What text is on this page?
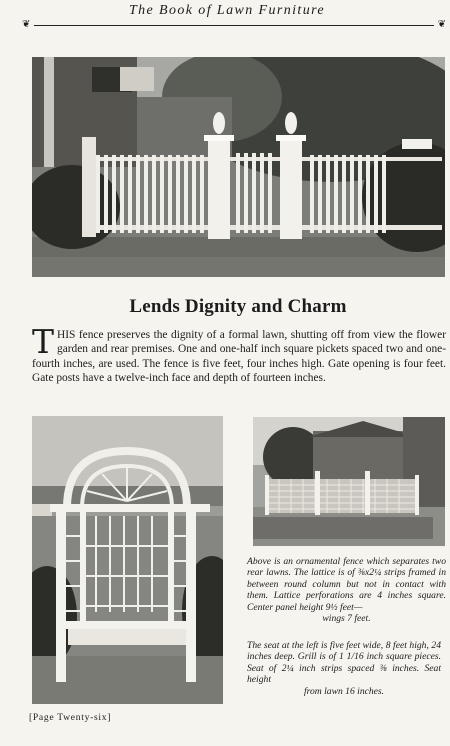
The Book of Lawn Furniture
❦	❦
Lends Dignity and Charm
THIS fence preserves the dignity of a formal lawn, shutting off from view the flower garden and rear premises. One and one-half inch square pickets spaced two and one-fourth inches, are used. The fence is five feet, four inches high. Gate opening is four feet. Gate posts have a twelve-inch face and depth of fourteen inches.
Above is an ornamental fence which separates two rear lawns. The lattice is of ⅜x2¼ strips framed in between round column but not in contact with them. Lattice perforations are 4 inches square. Center panel height 9½ feet—
wings 7 feet.
The seat at the left is five feet wide, 8 feet high, 24 inches deep. Grill is of 1 1/16 inch square pieces. Seat of 2¼ inch strips spaced ⅜ inches. Seat height
from lawn 16 inches.
[Page Twenty-six]
